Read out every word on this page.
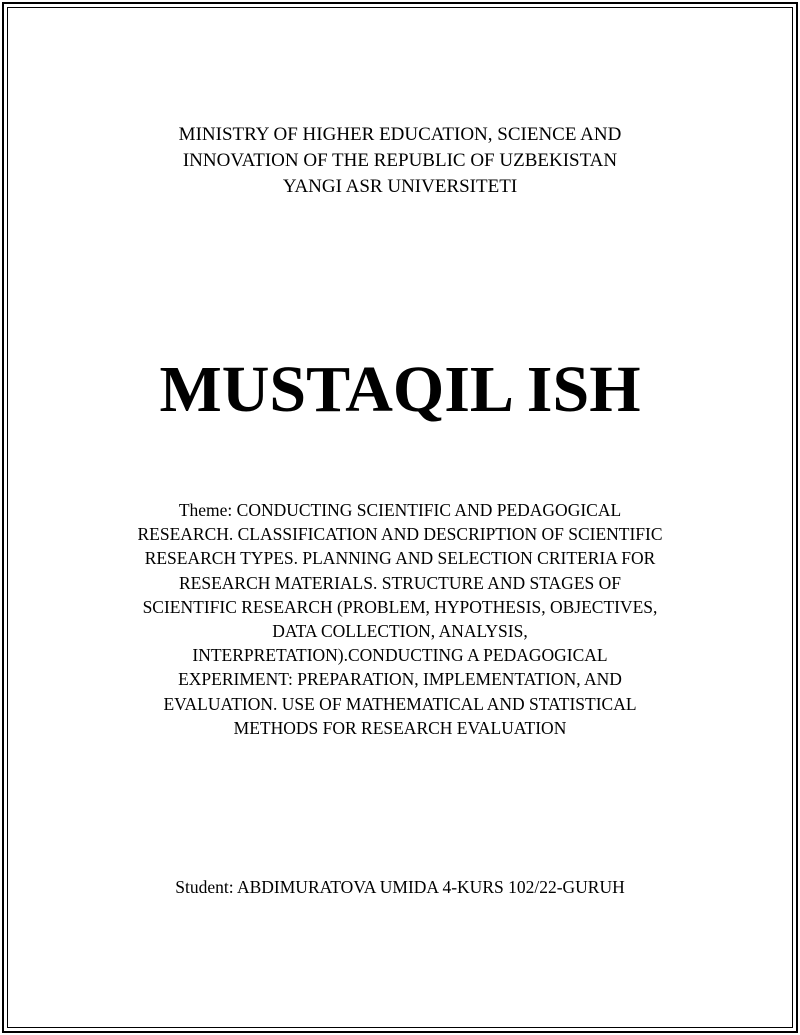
MINISTRY OF HIGHER EDUCATION, SCIENCE AND
INNOVATION OF THE REPUBLIC OF UZBEKISTAN
YANGI ASR UNIVERSITETI
MUSTAQIL ISH
Theme: CONDUCTING SCIENTIFIC AND PEDAGOGICAL
RESEARCH. CLASSIFICATION AND DESCRIPTION OF SCIENTIFIC
RESEARCH TYPES. PLANNING AND SELECTION CRITERIA FOR
RESEARCH MATERIALS. STRUCTURE AND STAGES OF
SCIENTIFIC RESEARCH (PROBLEM, HYPOTHESIS, OBJECTIVES,
DATA COLLECTION, ANALYSIS,
INTERPRETATION).CONDUCTING A PEDAGOGICAL
EXPERIMENT: PREPARATION, IMPLEMENTATION, AND
EVALUATION. USE OF MATHEMATICAL AND STATISTICAL
METHODS FOR RESEARCH EVALUATION
Student: ABDIMURATOVA UMIDA 4-KURS 102/22-GURUH
